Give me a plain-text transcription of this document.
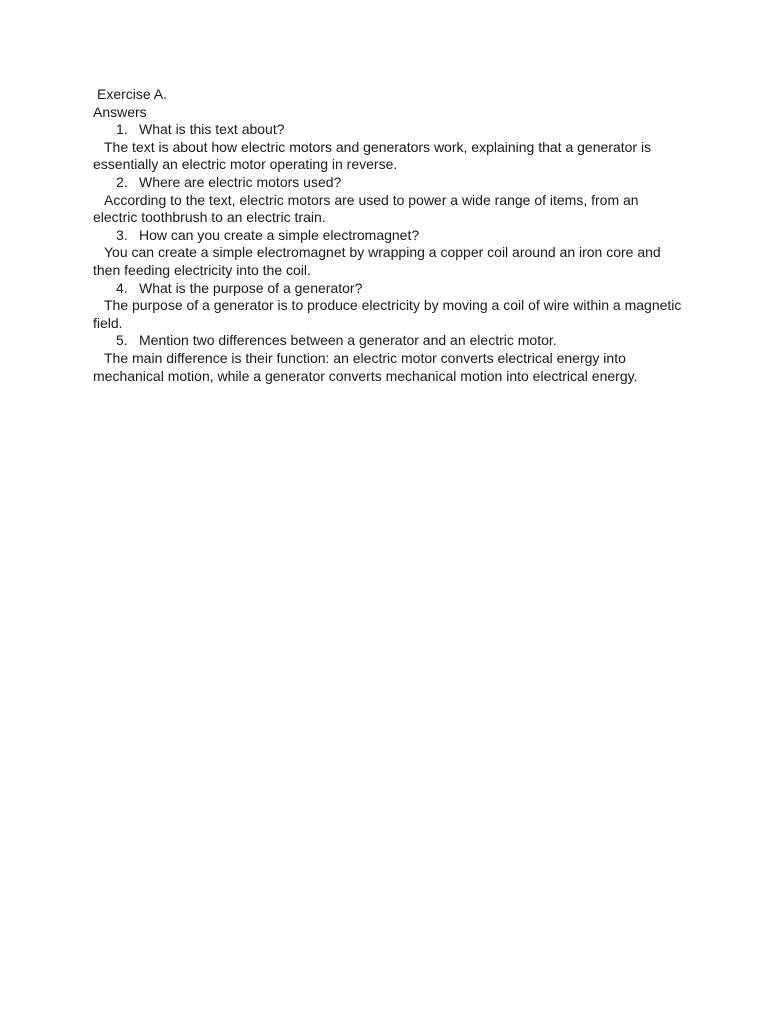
Exercise A.

Answers

1. What is this text about?

The text is about how electric motors and generators work, explaining that a generator is essentially an electric motor operating in reverse.

2. Where are electric motors used?

According to the text, electric motors are used to power a wide range of items, from an electric toothbrush to an electric train.

3. How can you create a simple electromagnet?

You can create a simple electromagnet by wrapping a copper coil around an iron core and then feeding electricity into the coil.

4. What is the purpose of a generator?

The purpose of a generator is to produce electricity by moving a coil of wire within a magnetic field.

5. Mention two differences between a generator and an electric motor.

The main difference is their function: an electric motor converts electrical energy into mechanical motion, while a generator converts mechanical motion into electrical energy.
